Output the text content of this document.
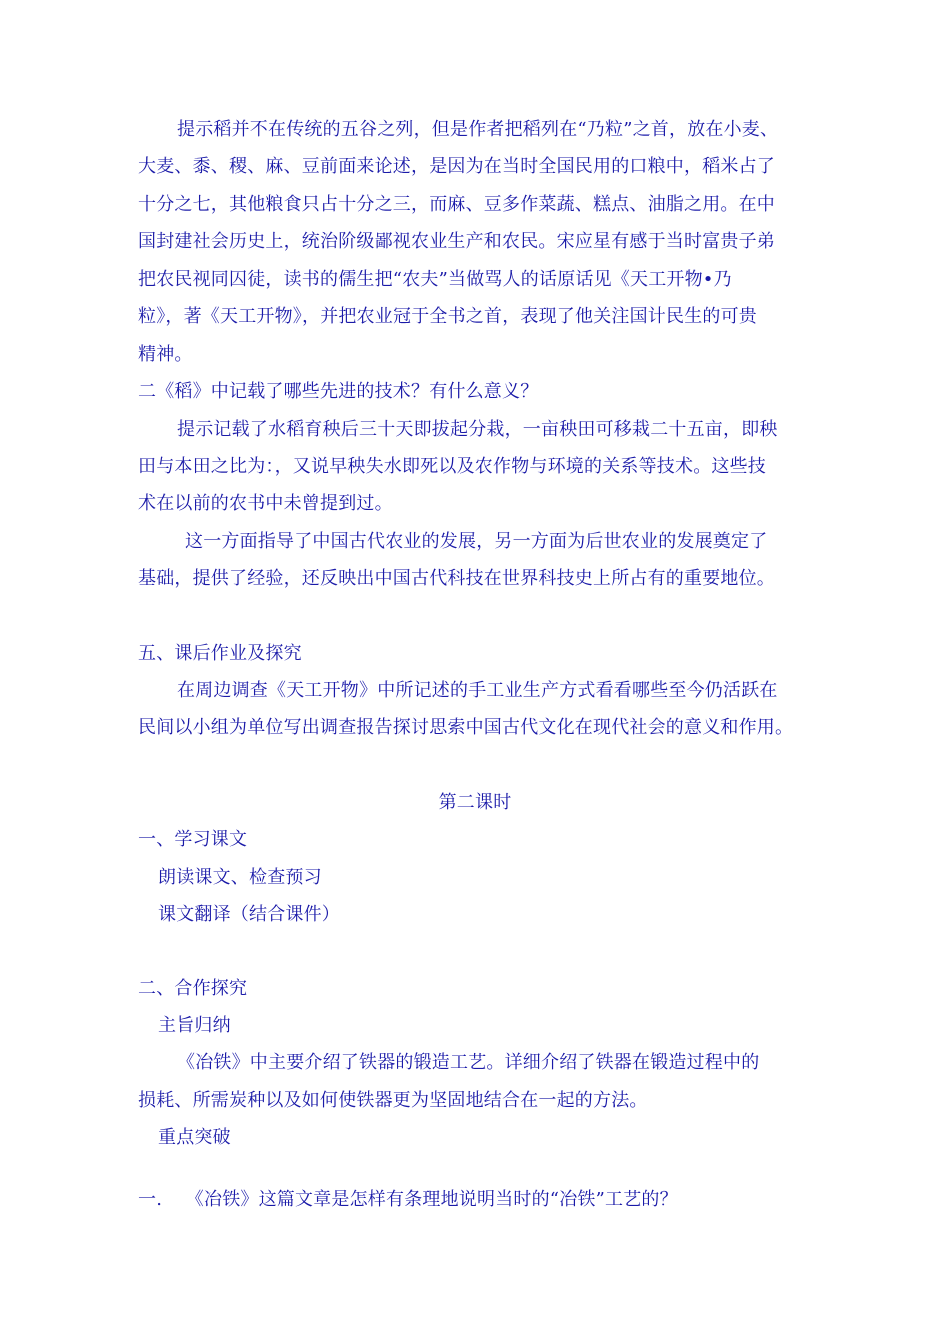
提示稻并不在传统的五谷之列，但是作者把稻列在“乃粒”之首，放在小麦、
大麦、黍、稷、麻、豆前面来论述，是因为在当时全国民用的口粮中，稻米占了
十分之七，其他粮食只占十分之三，而麻、豆多作菜蔬、糕点、油脂之用。在中
国封建社会历史上，统治阶级鄙视农业生产和农民。宋应星有感于当时富贵子弟
把农民视同囚徒，读书的儒生把“农夫”当做骂人的话原话见《天工开物•乃
粒》，著《天工开物》，并把农业冠于全书之首，表现了他关注国计民生的可贵
精神。
二《稻》中记载了哪些先进的技术？有什么意义？
提示记载了水稻育秧后三十天即拔起分栽，一亩秧田可移栽二十五亩，即秧
田与本田之比为：，又说早秧失水即死以及农作物与环境的关系等技术。这些技
术在以前的农书中未曾提到过。
这一方面指导了中国古代农业的发展，另一方面为后世农业的发展奠定了
基础，提供了经验，还反映出中国古代科技在世界科技史上所占有的重要地位。
五、课后作业及探究
在周边调查《天工开物》中所记述的手工业生产方式看看哪些至今仍活跃在
民间以小组为单位写出调查报告探讨思索中国古代文化在现代社会的意义和作用。
第二课时
一、学习课文
朗读课文、检查预习
课文翻译（结合课件）
二、合作探究
主旨归纳
《冶铁》中主要介绍了铁器的锻造工艺。详细介绍了铁器在锻造过程中的
损耗、所需炭种以及如何使铁器更为坚固地结合在一起的方法。
重点突破
一.    《冶铁》这篇文章是怎样有条理地说明当时的“冶铁”工艺的？
